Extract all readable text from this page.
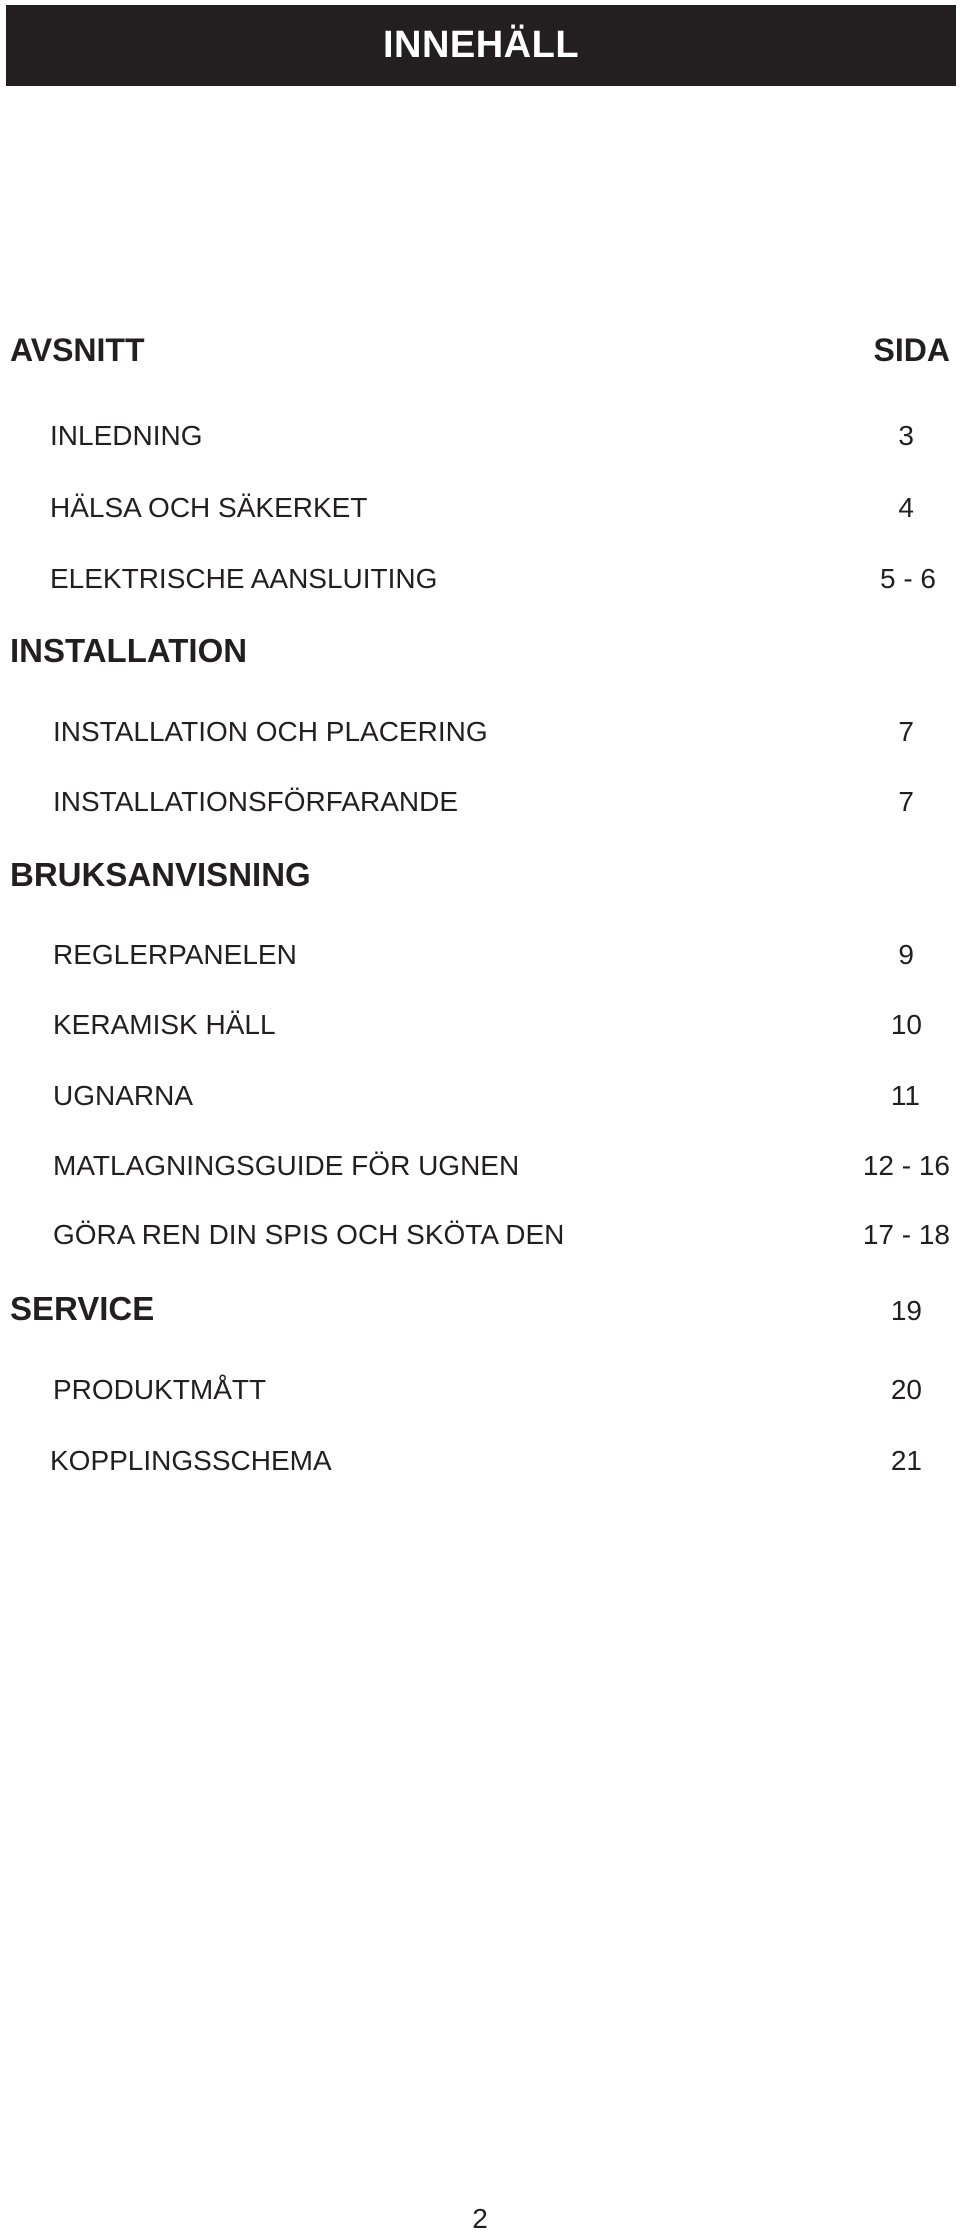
INNEHÄLL
AVSNITT	SIDA
INLEDNING	3
HÄLSA OCH SÄKERKET	4
ELEKTRISCHE AANSLUITING	5 - 6
INSTALLATION
INSTALLATION OCH PLACERING	7
INSTALLATIONSFÖRFARANDE	7
BRUKSANVISNING
REGLERPANELEN	9
KERAMISK HÄLL	10
UGNARNA	11
MATLAGNINGSGUIDE FÖR UGNEN	12 - 16
GÖRA REN DIN SPIS OCH SKÖTA DEN	17 - 18
SERVICE	19
PRODUKTMÅTT	20
KOPPLINGSSCHEMA	21
2
